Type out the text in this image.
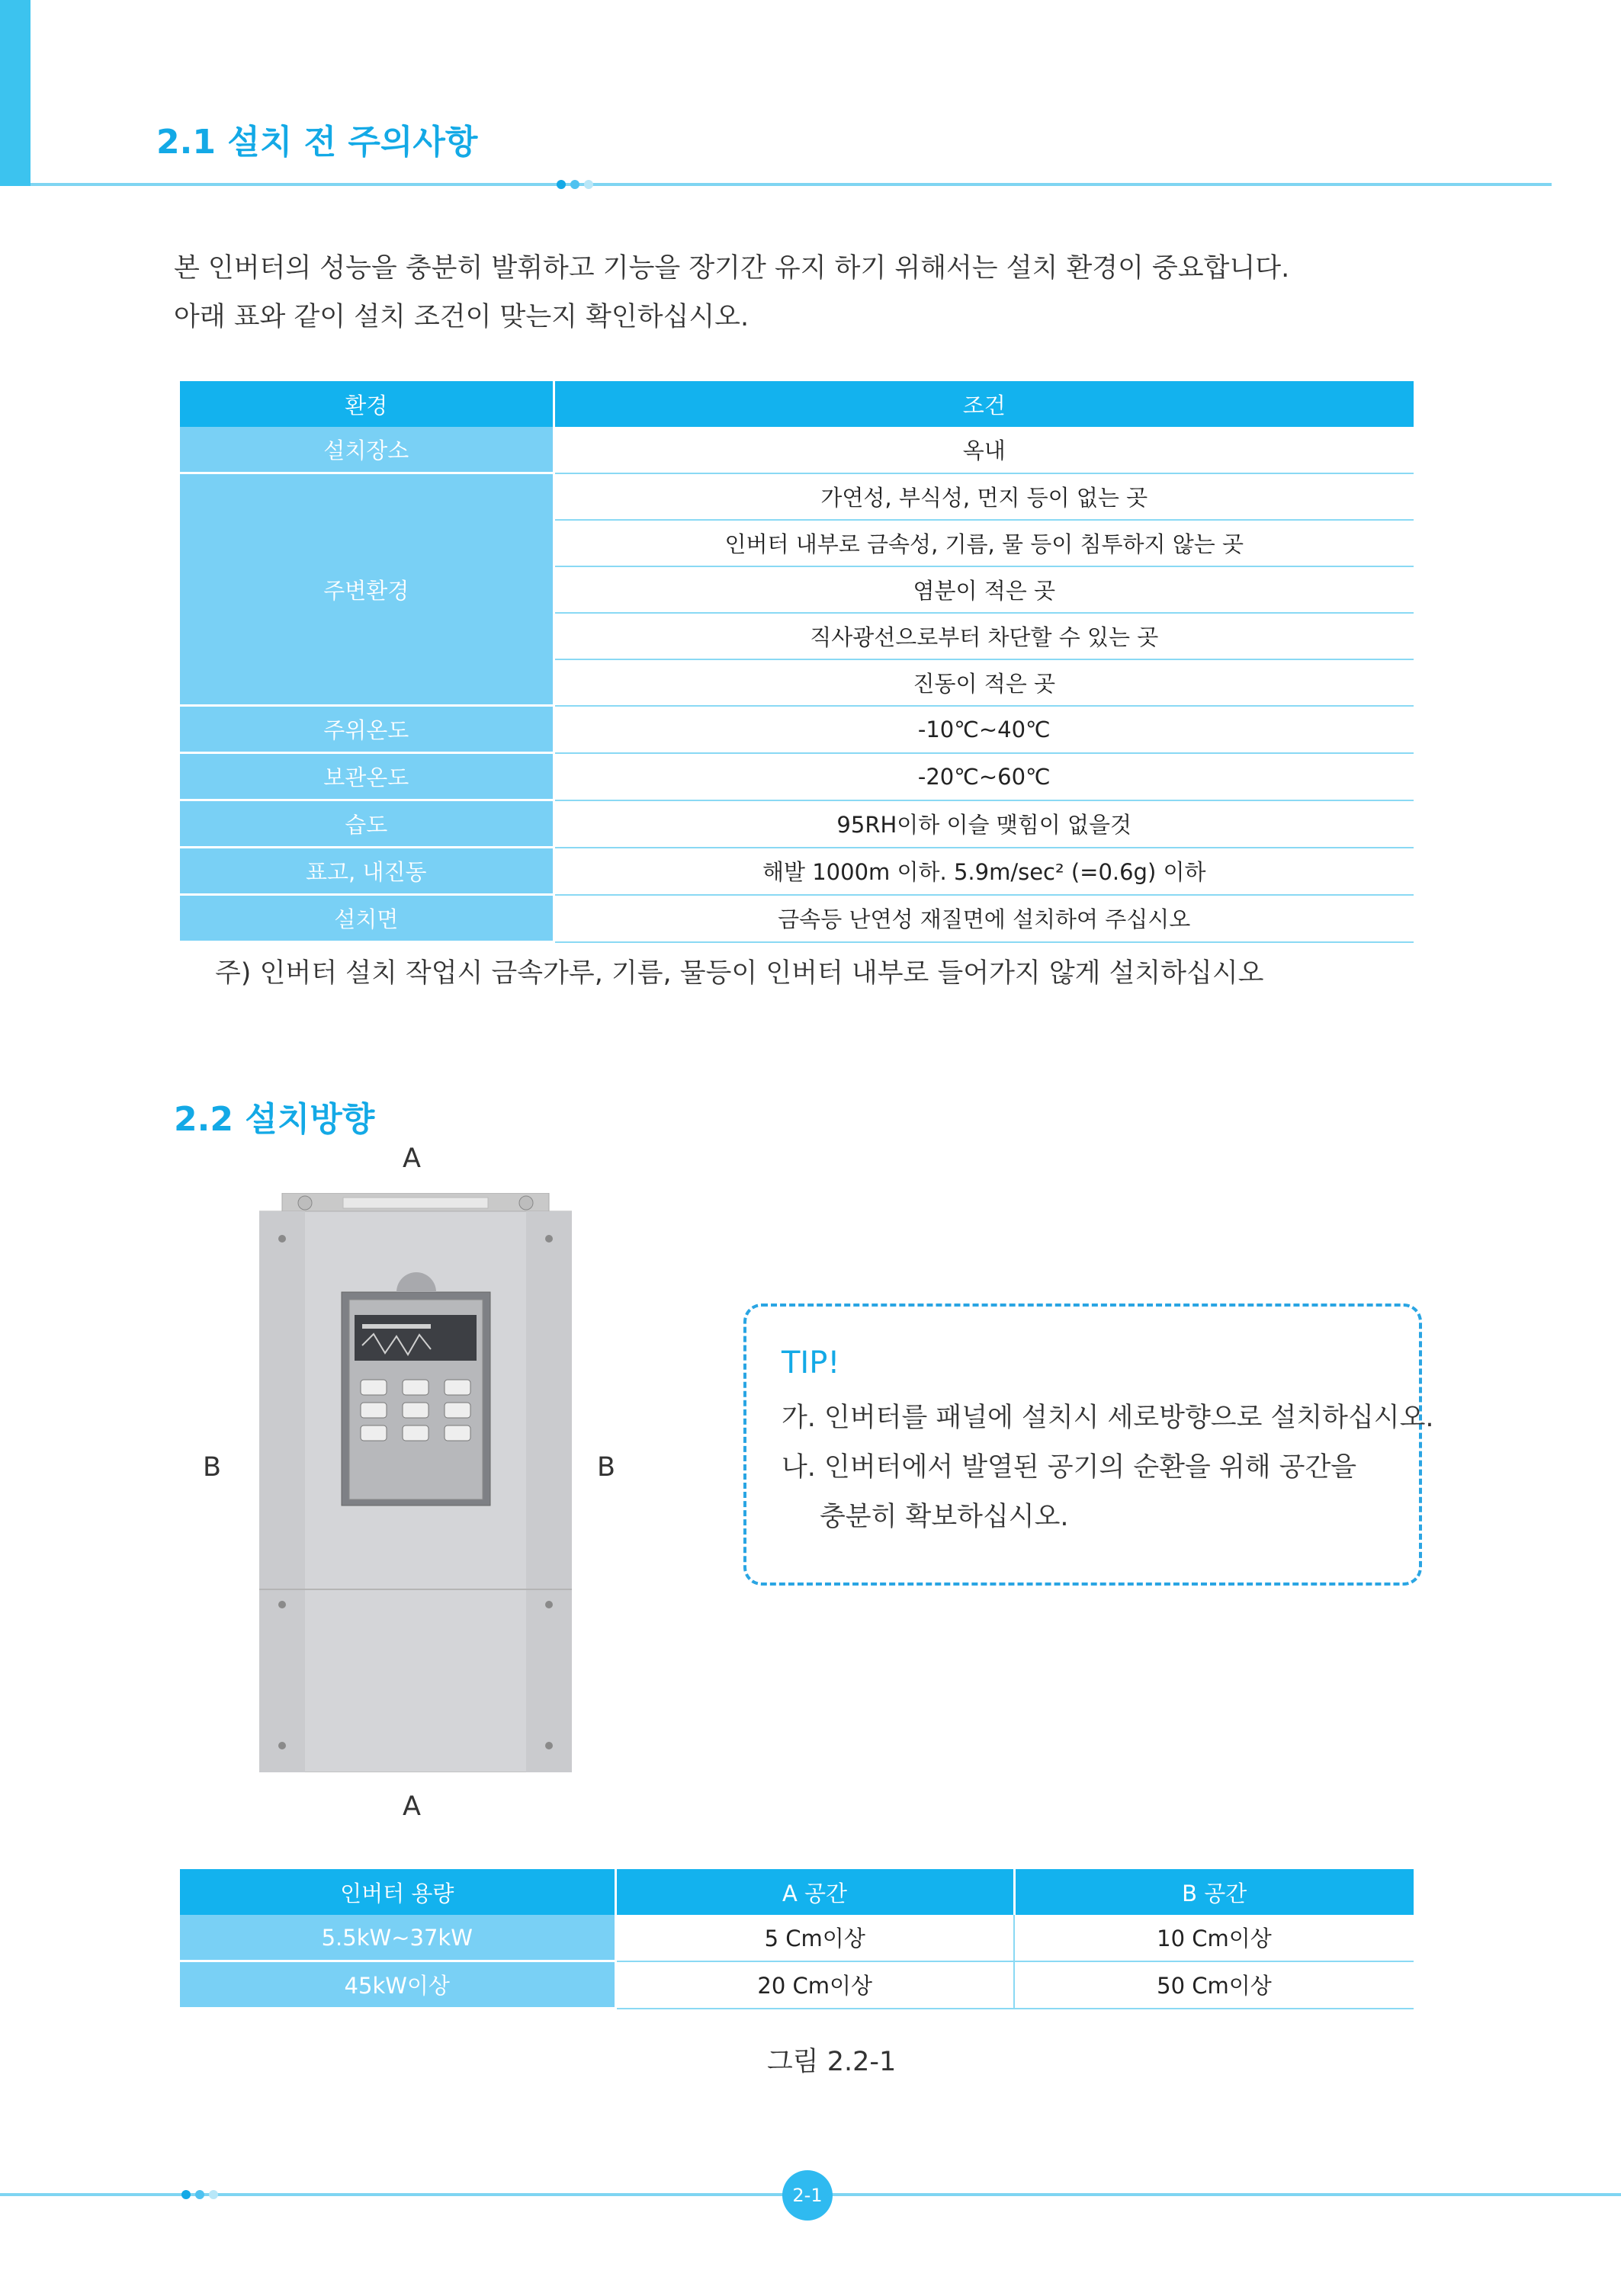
2.1 설치 전 주의사항
본 인버터의 성능을 충분히 발휘하고 기능을 장기간 유지 하기 위해서는 설치 환경이 중요합니다.
아래 표와 같이 설치 조건이 맞는지 확인하십시오.
환경	조건
설치장소	옥내
주변환경	가연성, 부식성, 먼지 등이 없는 곳
	인버터 내부로 금속성, 기름, 물 등이 침투하지 않는 곳
	염분이 적은 곳
	직사광선으로부터 차단할 수 있는 곳
	진동이 적은 곳
주위온도	-10℃~40℃
보관온도	-20℃~60℃
습도	95RH이하 이슬 맺힘이 없을것
표고, 내진동	해발 1000m 이하. 5.9m/sec² (=0.6g) 이하
설치면	금속등 난연성 재질면에 설치하여 주십시오
주) 인버터 설치 작업시 금속가루, 기름, 물등이 인버터 내부로 들어가지 않게 설치하십시오
2.2 설치방향
A
A
B	B
TIP!
가. 인버터를 패널에 설치시 세로방향으로 설치하십시오.
나. 인버터에서 발열된 공기의 순환을 위해 공간을
충분히 확보하십시오.
인버터 용량	A 공간	B 공간
5.5kW~37kW	5 Cm이상	10 Cm이상
45kW이상	20 Cm이상	50 Cm이상
그림 2.2-1
2-1
